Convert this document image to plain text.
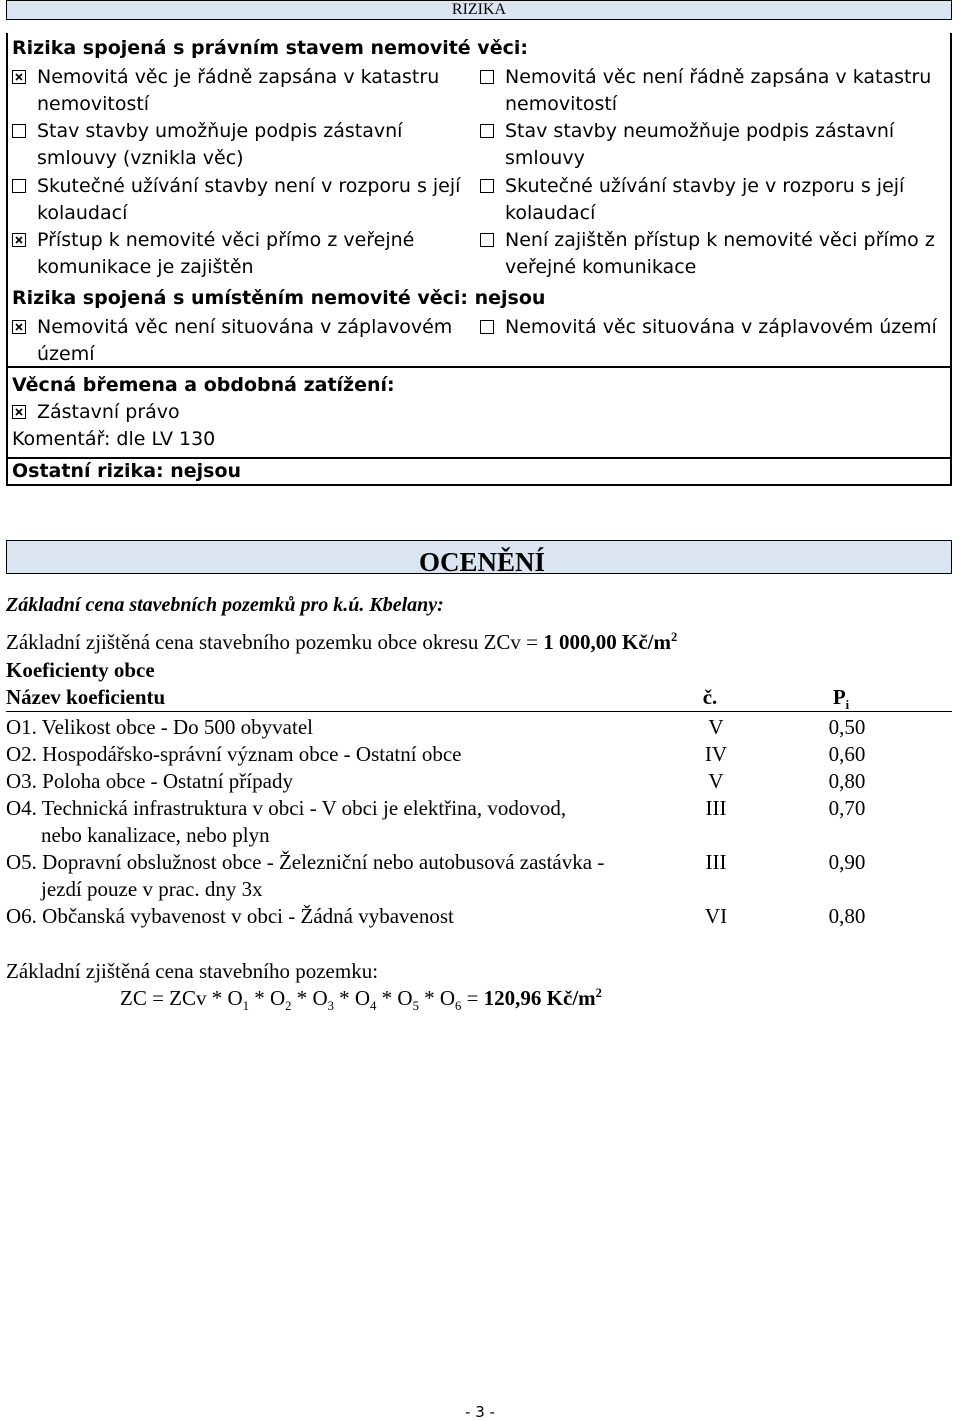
RIZIKA
Rizika spojená s právním stavem nemovité věci:
Nemovitá věc je řádně zapsána v katastru
nemovitostí
Nemovitá věc není řádně zapsána v katastru
nemovitostí
Stav stavby umožňuje podpis zástavní
smlouvy (vznikla věc)
Stav stavby neumožňuje podpis zástavní
smlouvy
Skutečné užívání stavby není v rozporu s její
kolaudací
Skutečné užívání stavby je v rozporu s její
kolaudací
Přístup k nemovité věci přímo z veřejné
komunikace je zajištěn
Není zajištěn přístup k nemovité věci přímo z
veřejné komunikace
Rizika spojená s umístěním nemovité věci: nejsou
Nemovitá věc není situována v záplavovém
území
Nemovitá věc situována v záplavovém území
Věcná břemena a obdobná zatížení:
Zástavní právo
Komentář: dle LV 130
Ostatní rizika: nejsou
OCENĚNÍ
Základní cena stavebních pozemků pro k.ú. Kbelany:
Základní zjištěná cena stavebního pozemku obce okresu ZCv = 1 000,00 $Kč/m^2$
Koeficienty obce
Název koeficientu	č.	$P_i$
O1. Velikost obce - Do 500 obyvatel	V	0,50
O2. Hospodářsko-správní význam obce - Ostatní obce	IV	0,60
O3. Poloha obce - Ostatní případy	V	0,80
O4. Technická infrastruktura v obci - V obci je elektřina, vodovod,
nebo kanalizace, nebo plyn
III	0,70
O5. Dopravní obslužnost obce - Železniční nebo autobusová zastávka -
jezdí pouze v prac. dny 3x
III	0,90
O6. Občanská vybavenost v obci - Žádná vybavenost	VI	0,80
Základní zjištěná cena stavebního pozemku:
ZC = ZCv * $O_1 * O_2 * O_3 * O_4 * O_5 * O_6 = 120,96$ $Kč/m^2$
- 3 -
